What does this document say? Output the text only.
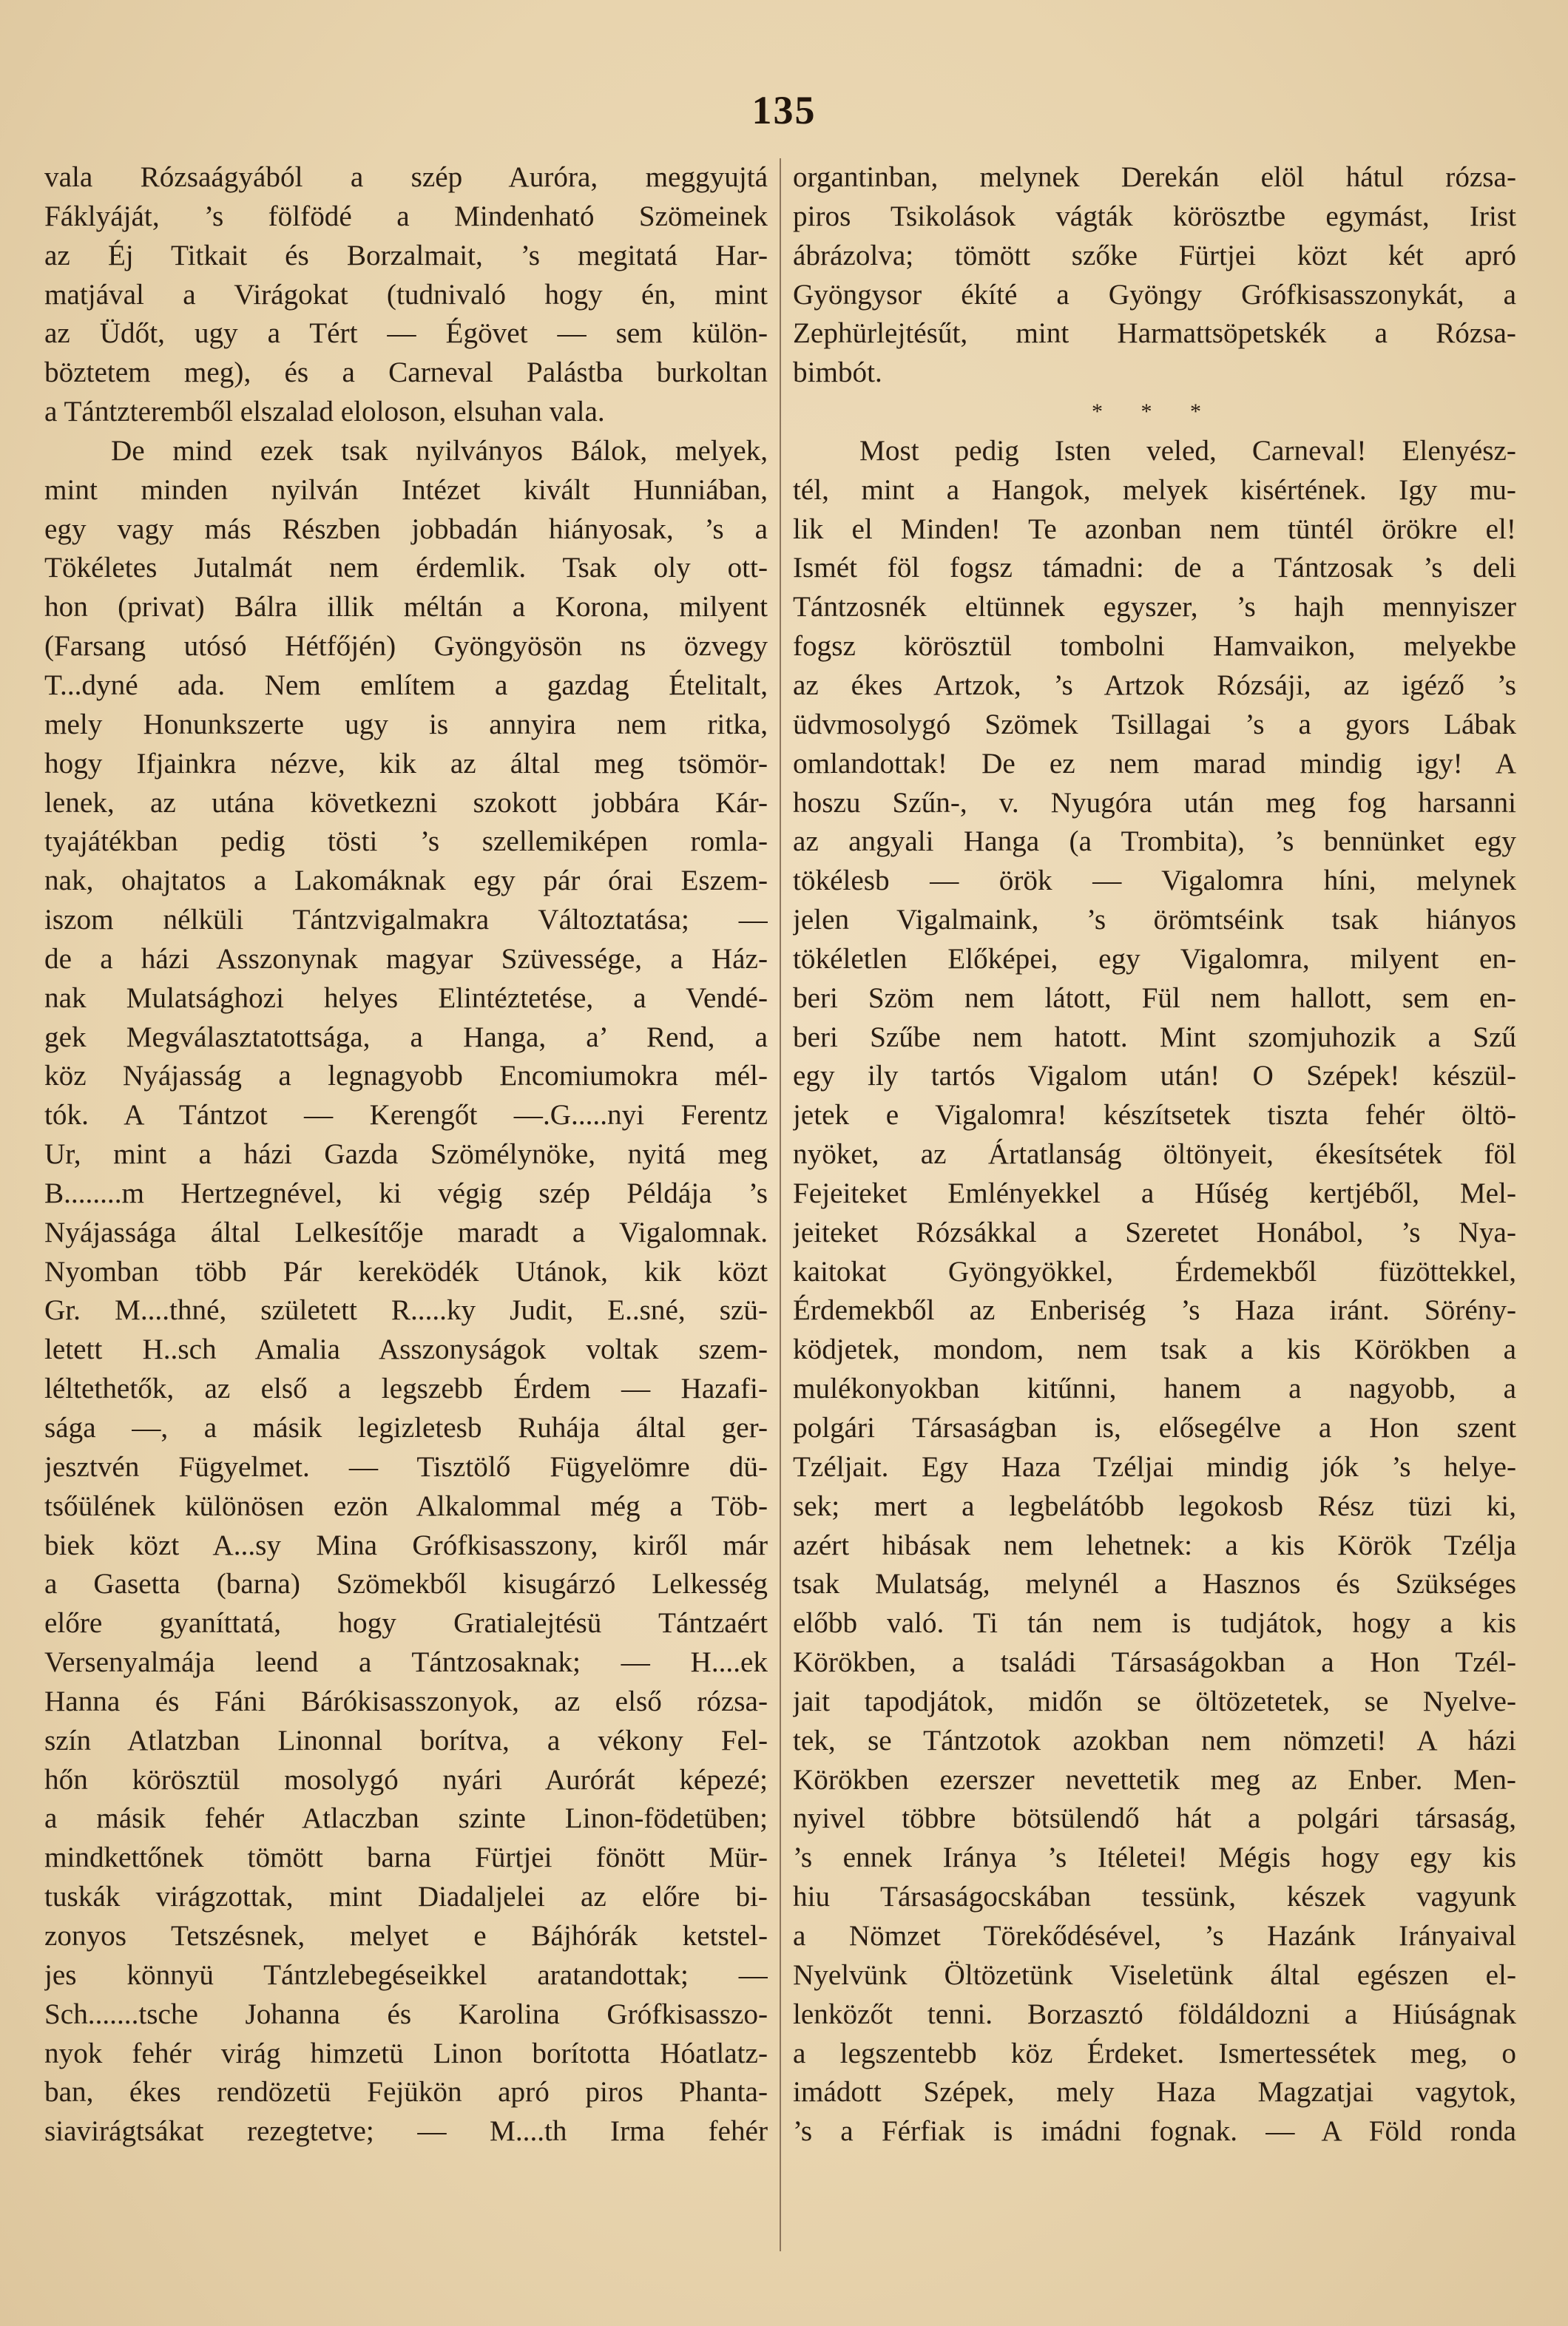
135
vala Rózsaágyából a szép Auróra, meggyujtá
Fáklyáját, ’s fölfödé a Mindenható Szömeinek
az Éj Titkait és Borzalmait, ’s megitatá Har-
matjával a Virágokat (tudnivaló hogy én, mint
az Üdőt, ugy a Tért — Égövet — sem külön-
böztetem meg), és a Carneval Palástba burkoltan
a Tántzteremből elszalad eloloson, elsuhan vala.
De mind ezek tsak nyilványos Bálok, melyek,
mint minden nyilván Intézet kivált Hunniában,
egy vagy más Részben jobbadán hiányosak, ’s a
Tökéletes Jutalmát nem érdemlik. Tsak oly ott-
hon (privat) Bálra illik méltán a Korona, milyent
(Farsang utósó Hétfőjén) Gyöngyösön ns özvegy
T...dyné ada. Nem említem a gazdag Ételitalt,
mely Honunkszerte ugy is annyira nem ritka,
hogy Ifjainkra nézve, kik az által meg tsömör-
lenek, az utána következni szokott jobbára Kár-
tyajátékban pedig tösti ’s szellemiképen romla-
nak, ohajtatos a Lakomáknak egy pár órai Eszem-
iszom nélküli Tántzvigalmakra Változtatása; —
de a házi Asszonynak magyar Szüvessége, a Ház-
nak Mulatsághozi helyes Elintéztetése, a Vendé-
gek Megválasztatottsága, a Hanga, a’ Rend, a
köz Nyájasság a legnagyobb Encomiumokra mél-
tók. A Tántzot — Kerengőt —.G.....nyi Ferentz
Ur, mint a házi Gazda Szömélynöke, nyitá meg
B........m Hertzegnével, ki végig szép Példája ’s
Nyájassága által Lelkesítője maradt a Vigalomnak.
Nyomban több Pár kereködék Utánok, kik közt
Gr. M....thné, született R.....ky Judit, E..sné, szü-
letett H..sch Amalia Asszonyságok voltak szem-
léltethetők, az első a legszebb Érdem — Hazafi-
sága —, a másik legizletesb Ruhája által ger-
jesztvén Fügyelmet. — Tisztölő Fügyelömre dü-
tsőülének különösen ezön Alkalommal még a Töb-
biek közt A...sy Mina Grófkisasszony, kiről már
a Gasetta (barna) Szömekből kisugárzó Lelkesség
előre gyaníttatá, hogy Gratialejtésü Tántzaért
Versenyalmája leend a Tántzosaknak; — H....ek
Hanna és Fáni Bárókisasszonyok, az első rózsa-
szín Atlatzban Linonnal borítva, a vékony Fel-
hőn körösztül mosolygó nyári Aurórát képezé;
a másik fehér Atlaczban szinte Linon-födetüben;
mindkettőnek tömött barna Fürtjei fönött Mür-
tuskák virágzottak, mint Diadaljelei az előre bi-
zonyos Tetszésnek, melyet e Bájhórák ketstel-
jes könnyü Tántzlebegéseikkel aratandottak; —
Sch.......tsche Johanna és Karolina Grófkisasszo-
nyok fehér virág himzetü Linon borította Hóatlatz-
ban, ékes rendözetü Fejükön apró piros Phanta-
siavirágtsákat rezegtetve; — M....th Irma fehér
organtinban, melynek Derekán elöl hátul rózsa-
piros Tsikolások vágták körösztbe egymást, Irist
ábrázolva; tömött szőke Fürtjei közt két apró
Gyöngysor ékíté a Gyöngy Grófkisasszonykát, a
Zephürlejtésűt, mint Harmattsöpetskék a Rózsa-
bimbót.
* * *
Most pedig Isten veled, Carneval! Elenyész-
tél, mint a Hangok, melyek kisértének. Igy mu-
lik el Minden! Te azonban nem tüntél örökre el!
Ismét föl fogsz támadni: de a Tántzosak ’s deli
Tántzosnék eltünnek egyszer, ’s hajh mennyiszer
fogsz körösztül tombolni Hamvaikon, melyekbe
az ékes Artzok, ’s Artzok Rózsáji, az igéző ’s
üdvmosolygó Szömek Tsillagai ’s a gyors Lábak
omlandottak! De ez nem marad mindig igy! A
hoszu Szűn-, v. Nyugóra után meg fog harsanni
az angyali Hanga (a Trombita), ’s bennünket egy
tökélesb — örök — Vigalomra híni, melynek
jelen Vigalmaink, ’s örömtséink tsak hiányos
tökéletlen Előképei, egy Vigalomra, milyent en-
beri Szöm nem látott, Fül nem hallott, sem en-
beri Szűbe nem hatott. Mint szomjuhozik a Szű
egy ily tartós Vigalom után! O Szépek! készül-
jetek e Vigalomra! készítsetek tiszta fehér öltö-
nyöket, az Ártatlanság öltönyeit, ékesítsétek föl
Fejeiteket Emlényekkel a Hűség kertjéből, Mel-
jeiteket Rózsákkal a Szeretet Honábol, ’s Nya-
kaitokat Gyöngyökkel, Érdemekből füzöttekkel,
Érdemekből az Enberiség ’s Haza iránt. Sörény-
ködjetek, mondom, nem tsak a kis Körökben a
mulékonyokban kitűnni, hanem a nagyobb, a
polgári Társaságban is, elősegélve a Hon szent
Tzéljait. Egy Haza Tzéljai mindig jók ’s helye-
sek; mert a legbelátóbb legokosb Rész tüzi ki,
azért hibásak nem lehetnek: a kis Körök Tzélja
tsak Mulatság, melynél a Hasznos és Szükséges
előbb való. Ti tán nem is tudjátok, hogy a kis
Körökben, a tsaládi Társaságokban a Hon Tzél-
jait tapodjátok, midőn se öltözetetek, se Nyelve-
tek, se Tántzotok azokban nem nömzeti! A házi
Körökben ezerszer nevettetik meg az Enber. Men-
nyivel többre bötsülendő hát a polgári társaság,
’s ennek Iránya ’s Itéletei! Mégis hogy egy kis
hiu Társaságocskában tessünk, készek vagyunk
a Nömzet Törekődésével, ’s Hazánk Irányaival
Nyelvünk Öltözetünk Viseletünk által egészen el-
lenközőt tenni. Borzasztó földáldozni a Hiúságnak
a legszentebb köz Érdeket. Ismertessétek meg, o
imádott Szépek, mely Haza Magzatjai vagytok,
’s a Férfiak is imádni fognak. — A Föld ronda
